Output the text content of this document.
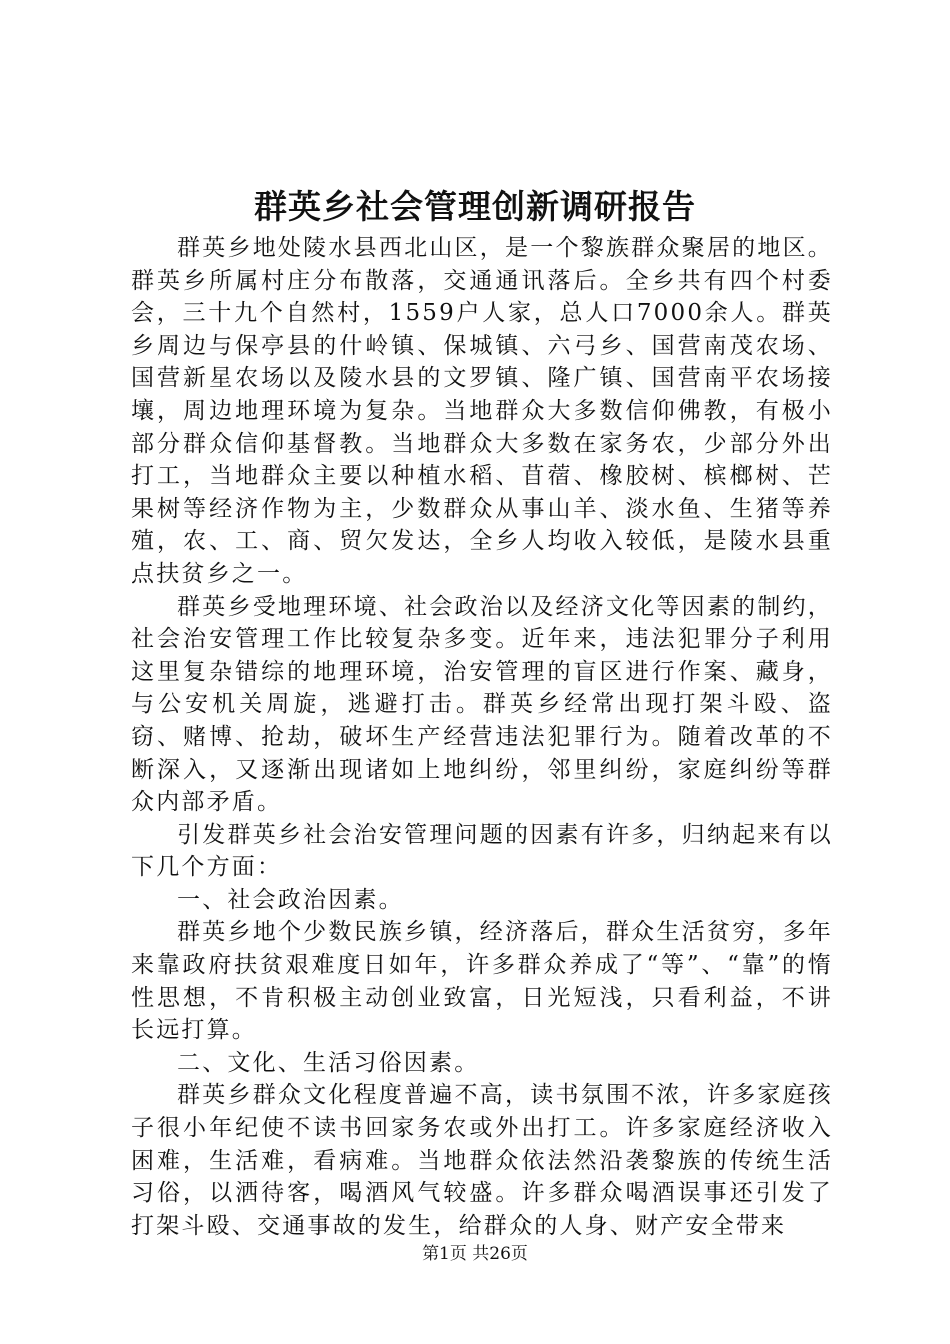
群英乡社会管理创新调研报告

群英乡地处陵水县西北山区，是一个黎族群众聚居的地区。群英乡所属村庄分布散落，交通通讯落后。全乡共有四个村委会，三十九个自然村，1559户人家，总人口7000余人。群英乡周边与保亭县的什岭镇、保城镇、六弓乡、国营南茂农场、国营新星农场以及陵水县的文罗镇、隆广镇、国营南平农场接壤，周边地理环境为复杂。当地群众大多数信仰佛教，有极小部分群众信仰基督教。当地群众大多数在家务农，少部分外出打工，当地群众主要以种植水稻、苜蓿、橡胶树、槟榔树、芒果树等经济作物为主，少数群众从事山羊、淡水鱼、生猪等养殖，农、工、商、贸欠发达，全乡人均收入较低，是陵水县重点扶贫乡之一。

群英乡受地理环境、社会政治以及经济文化等因素的制约，社会治安管理工作比较复杂多变。近年来，违法犯罪分子利用这里复杂错综的地理环境，治安管理的盲区进行作案、藏身，与公安机关周旋，逃避打击。群英乡经常出现打架斗殴、盗窃、赌博、抢劫，破坏生产经营违法犯罪行为。随着改革的不断深入，又逐渐出现诸如上地纠纷，邻里纠纷，家庭纠纷等群众内部矛盾。

引发群英乡社会治安管理问题的因素有许多，归纳起来有以下几个方面：

一、社会政治因素。

群英乡地个少数民族乡镇，经济落后，群众生活贫穷，多年来靠政府扶贫艰难度日如年，许多群众养成了“等”、“靠”的惰性思想，不肯积极主动创业致富，日光短浅，只看利益，不讲长远打算。

二、文化、生活习俗因素。

群英乡群众文化程度普遍不高，读书氛围不浓，许多家庭孩子很小年纪使不读书回家务农或外出打工。许多家庭经济收入困难，生活难，看病难。当地群众依法然沿袭黎族的传统生活习俗，以洒待客，喝酒风气较盛。许多群众喝酒误事还引发了打架斗殴、交通事故的发生，给群众的人身、财产安全带来

第1页 共26页
